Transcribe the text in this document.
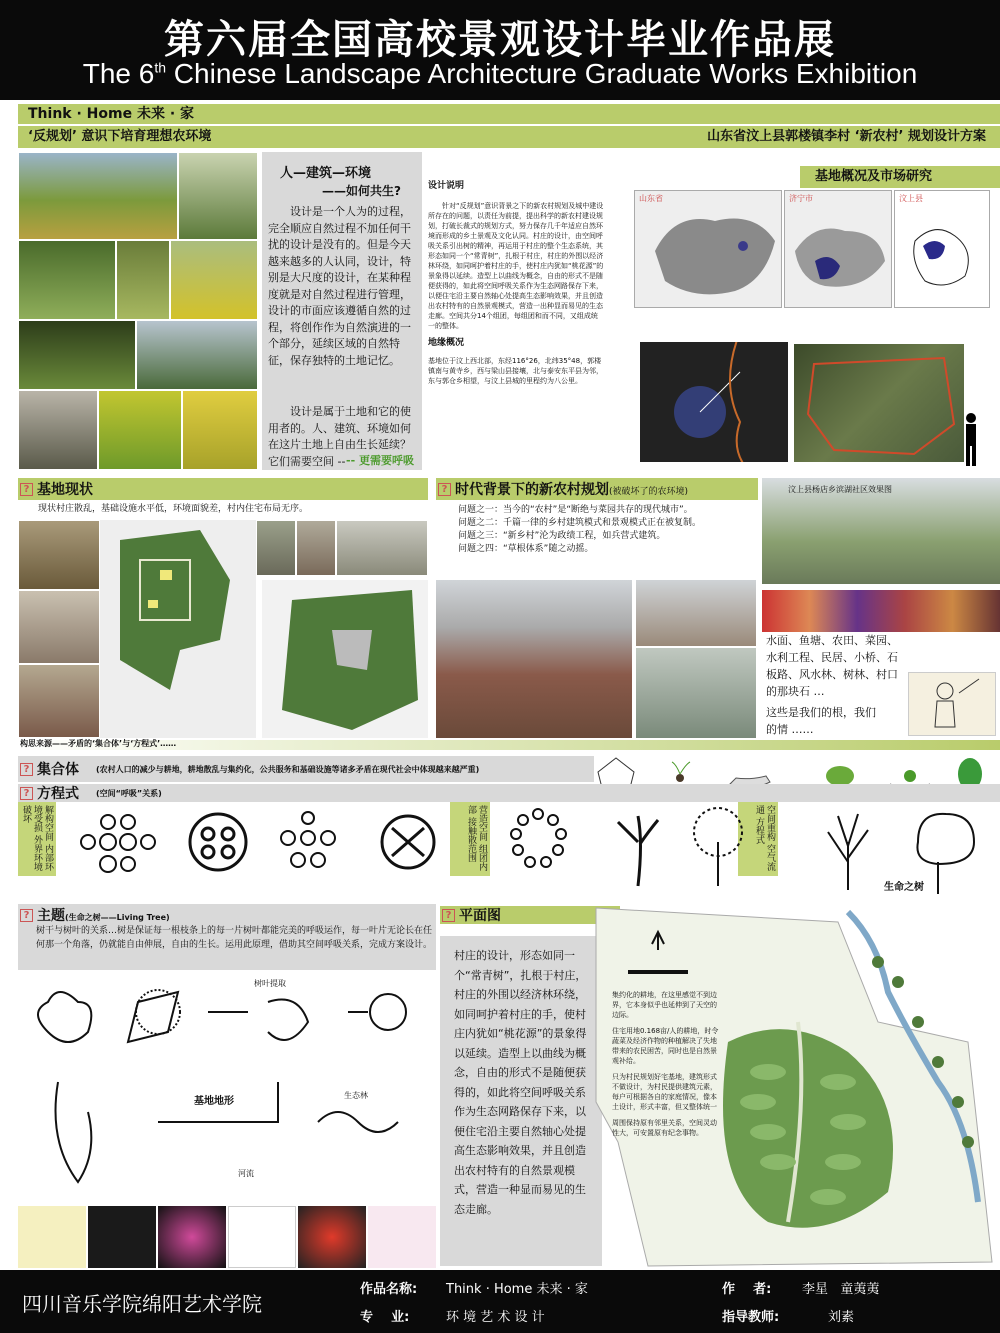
第六届全国高校景观设计毕业作品展
The 6th Chinese Landscape Architecture Graduate Works Exhibition
Think · Home 未来 · 家
‘反规划’ 意识下培育理想农环境	山东省汶上县郭楼镇李村 ‘新农村’ 规划设计方案
人—建筑—环境
——如何共生?
设计是一个人为的过程，完全顺应自然过程不加任何干扰的设计是没有的。但是今天越来越多的人认同，设计，特别是大尺度的设计，在某种程度就是对自然过程进行管理，设计的市面应该遵循自然的过程，将创作作为自然演进的一个部分，延续区域的自然特征，保存独特的土地记忆。
设计是属于土地和它的使用者的。人、建筑、环境如何在这片土地上自由生长延续？它们需要空间 -- -- 更需要呼吸
设计说明
针对“反规划”意识背景之下的新农村规划及城中建设所存在的问题，以责任为前提，提出科学的新农村建设规划，打破长裁式的规划方式，努力保存几千年适应自然环境而形成的乡土景观及文化认同。村庄的设计，由空间呼吸关系引出树的精神，再运用于村庄的整个生态系统，其形态如同一个“常青树”，扎根于村庄，村庄的外围以经济林环绕，如同呵护着村庄的手，使村庄内犹如“桃花源”的景象得以延续。造型上以曲线为概念，自由的形式不是随便获得的，如此将空间呼吸关系作为生态网路保存下来，以便住宅沿主要自然轴心处提高生态影响效果，并且创造出农村特有的自然景观模式，营造一出种显而易见的生态走廊。空间共分14个组团，每组团和而不同，又组成统一的整体。
地缘概况
基地位于汶上西北部，东经116°26，北纬35°48，郭楼镇南与黄寺乡，西与梁山县接壤，北与泰安东平县为邻，东与郭仓乡相望，与汶上县城的里程约为八公里。
基地概况及市场研究
山东省	济宁市	汶上县
? 基地现状
现状村庄散乱，基础设施水平低，环境面貌差，村内住宅布局无序。
? 时代背景下的新农村规划(被破坏了的农环境)
问题之一：当今的“农村”是“断绝与菜园共存的现代城市”。
问题之二：千篇一律的乡村建筑模式和景观模式正在被复制。
问题之三：“新乡村”沦为政绩工程，如兵营式建筑。
问题之四：“草根体系”随之动摇。
汶上县杨店乡滨湖社区效果图
水面、鱼塘、农田、菜园、水利工程、民居、小桥、石板路、风水林、树林、村口的那块石 …
这些是我们的根，我们的情 ……
构思来源——矛盾的‘集合体’与‘方程式’……
? 集合体 (农村人口的减少与耕地，耕地散乱与集约化，公共服务和基础设施等诸多矛盾在现代社会中体现越来越严重)
? 方程式 (空间“呼吸”关系)
解构空间 内部环境受损 外界环境破坏	营造空间 组团内部 接触散范围	空间重构 空气流通 方程式
生命之树
? 主题(生命之树——Living Tree)
树干与树叶的关系…树是保证每一根枝条上的每一片树叶都能完美的呼吸运作，每一叶片无论长在任何那一个角落，仍就能自由伸展，自由的生长。运用此原理，借助其空间呼吸关系，完成方案设计。
树叶提取
基地地形
生态林
河流
? 平面图
村庄的设计，形态如同一个“常青树”，扎根于村庄，村庄的外围以经济林环绕，如同呵护着村庄的手，使村庄内犹如“桃花源”的景象得以延续。造型上以曲线为概念，自由的形式不是随便获得的，如此将空间呼吸关系作为生态网路保存下来，以便住宅沿主要自然轴心处提高生态影响效果，并且创造出农村特有的自然景观模式，营造一种显而易见的生态走廊。
集约化的耕地，在这里感觉不到边界，它本身似乎也延伸到了天空的边际。
住宅用地0.168亩/人的耕地，时令蔬菜及经济作物的种植解决了失地带来的农民困苦，同时也是自然景观补给。
只为村民规划好宅基地，建筑形式不做设计，为村民提供建筑元素，每户可根据各自的家庭情况，像本土设计，形式丰富，但又整体统一
周围保持原有邻里关系，空间灵动性大，可安置原有纪念事物。
四川音乐学院绵阳艺术学院
作品名称: Think · Home 未来 · 家
专    业:	环 境 艺 术 设 计
作    者: 李星   童荑荑
指导教师:	刘素
